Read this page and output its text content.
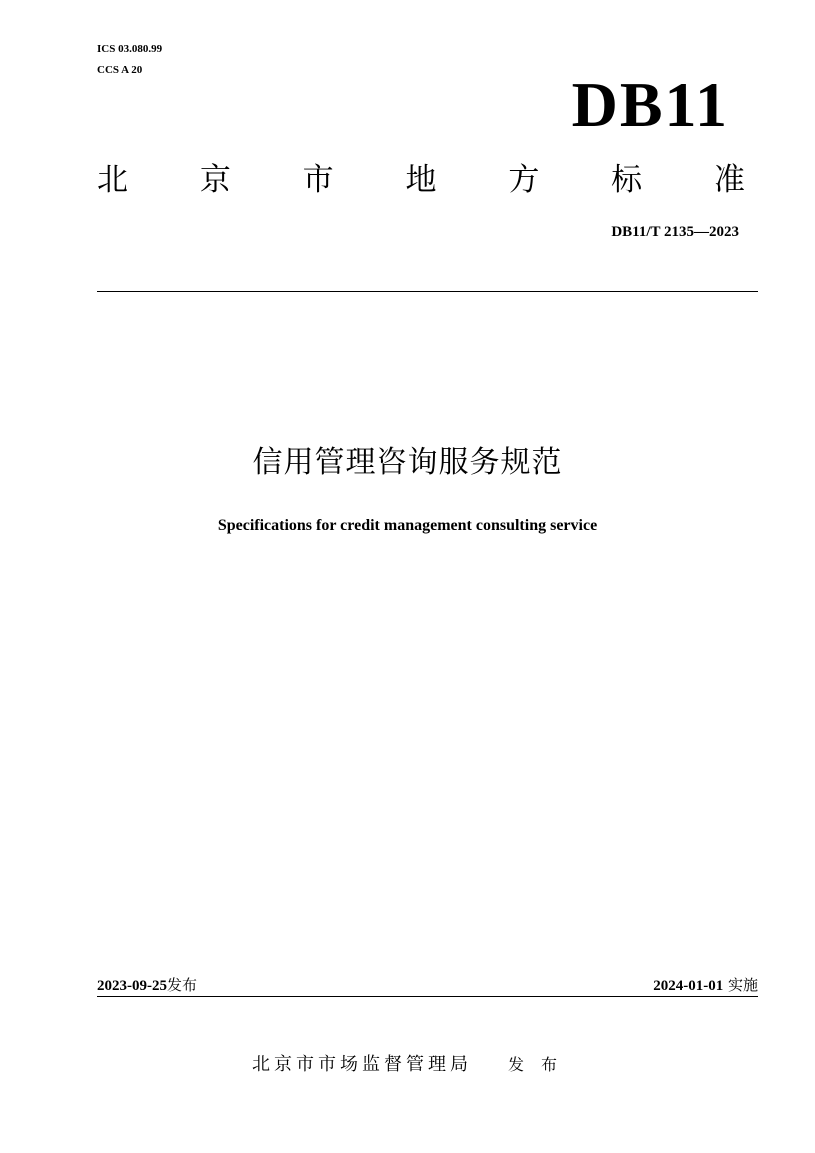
ICS 03.080.99
CCS A 20	DB11
北 京 市 地 方 标 准
DB11/T 2135—2023
信用管理咨询服务规范
Specifications for credit management consulting service
2023-09-25发布	2024-01-01 实施
北京市市场监督管理局 发 布
